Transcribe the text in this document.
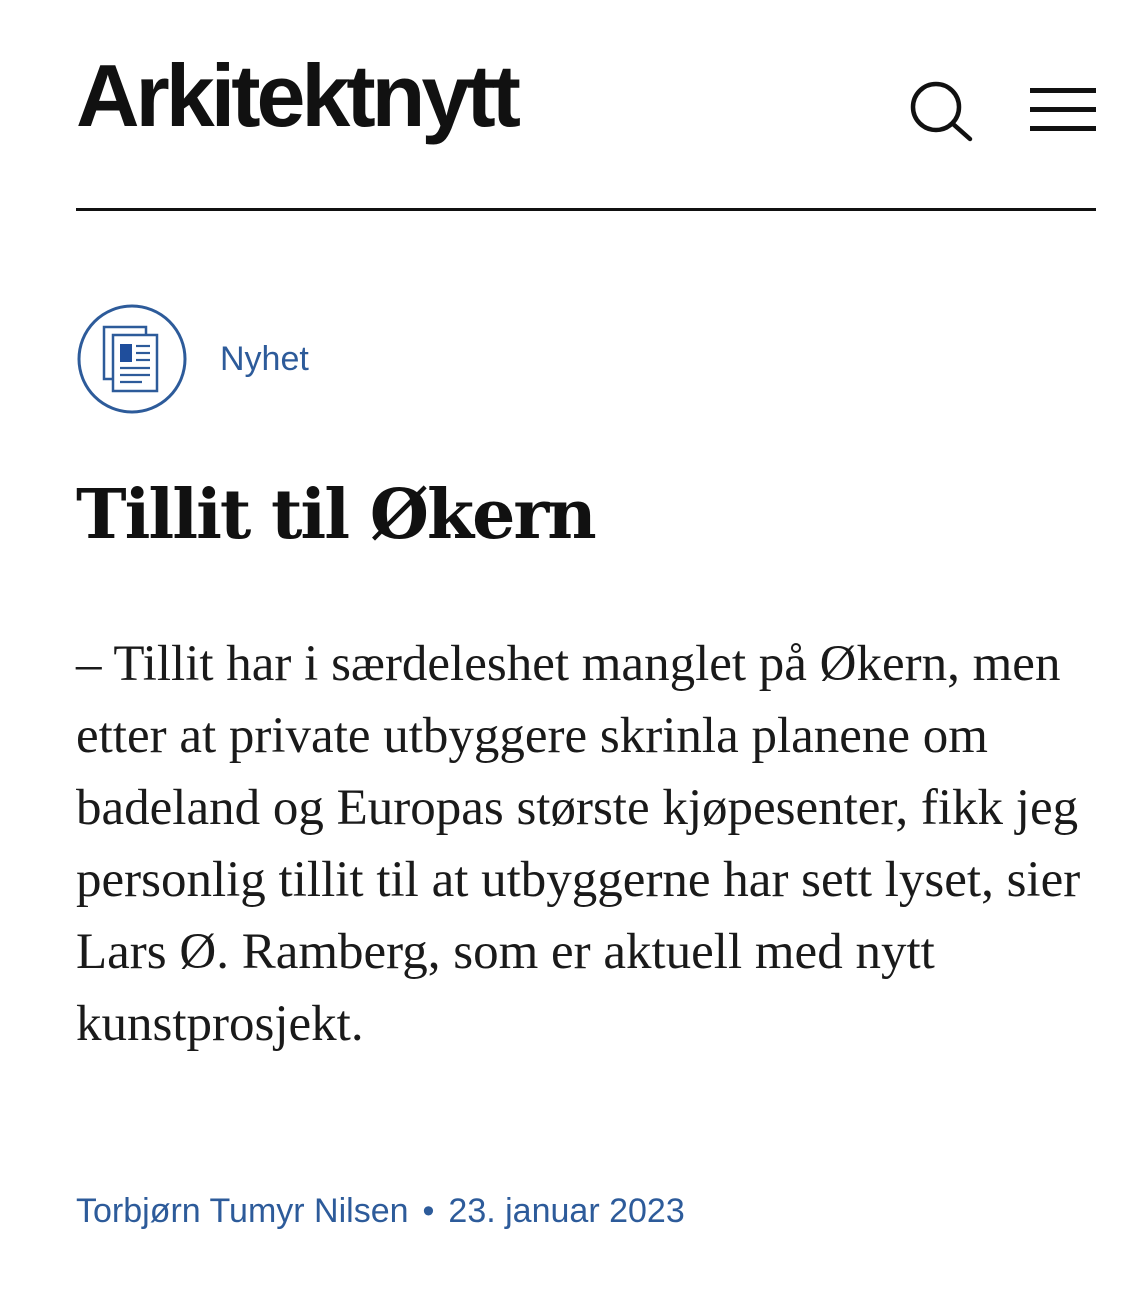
Arkitektnytt
Nyhet
Tillit til Økern

– Tillit har i særdeleshet manglet på Økern, men etter at private utbyggere skrinla planene om badeland og Europas største kjøpesenter, fikk jeg personlig tillit til at utbyggerne har sett lyset, sier Lars Ø. Ramberg, som er aktuell med nytt kunstprosjekt.

Torbjørn Tumyr Nilsen • 23. januar 2023
